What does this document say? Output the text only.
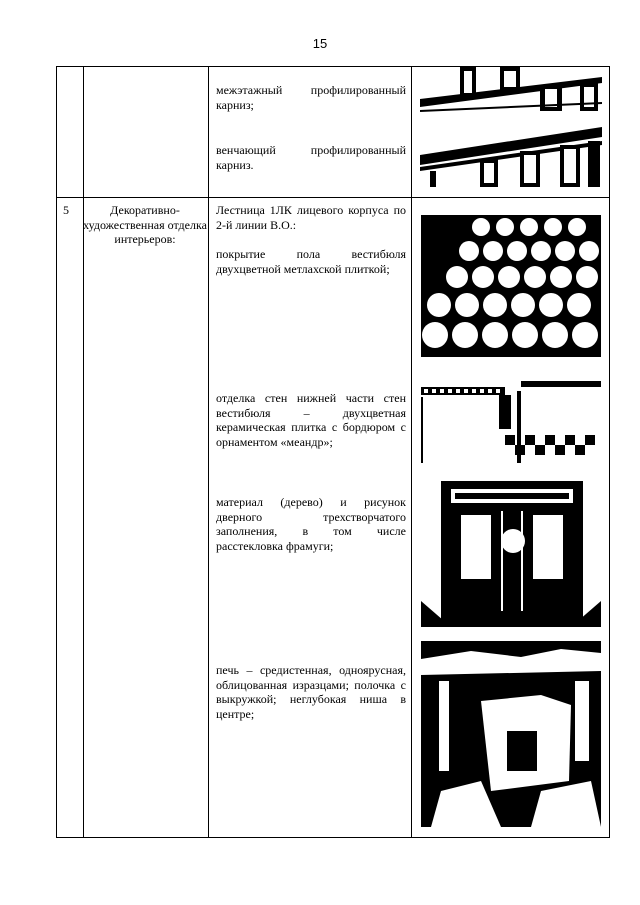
15
межэтажный профилированный карниз;
венчающий профилированный карниз.
5	Декоративно-художественная отделка интерьеров:
Лестница 1ЛК лицевого корпуса по 2-й линии В.О.:
покрытие пола вестибюля двухцветной метлахской плиткой;
отделка стен нижней части стен вестибюля – двухцветная керамическая плитка с бордюром с орнаментом «меандр»;
материал (дерево) и рисунок дверного трехстворчатого заполнения, в том числе расстекловка фрамуги;
печь – средистенная, одноярусная, облицованная изразцами; полочка с выкружкой; неглубокая ниша в центре;
